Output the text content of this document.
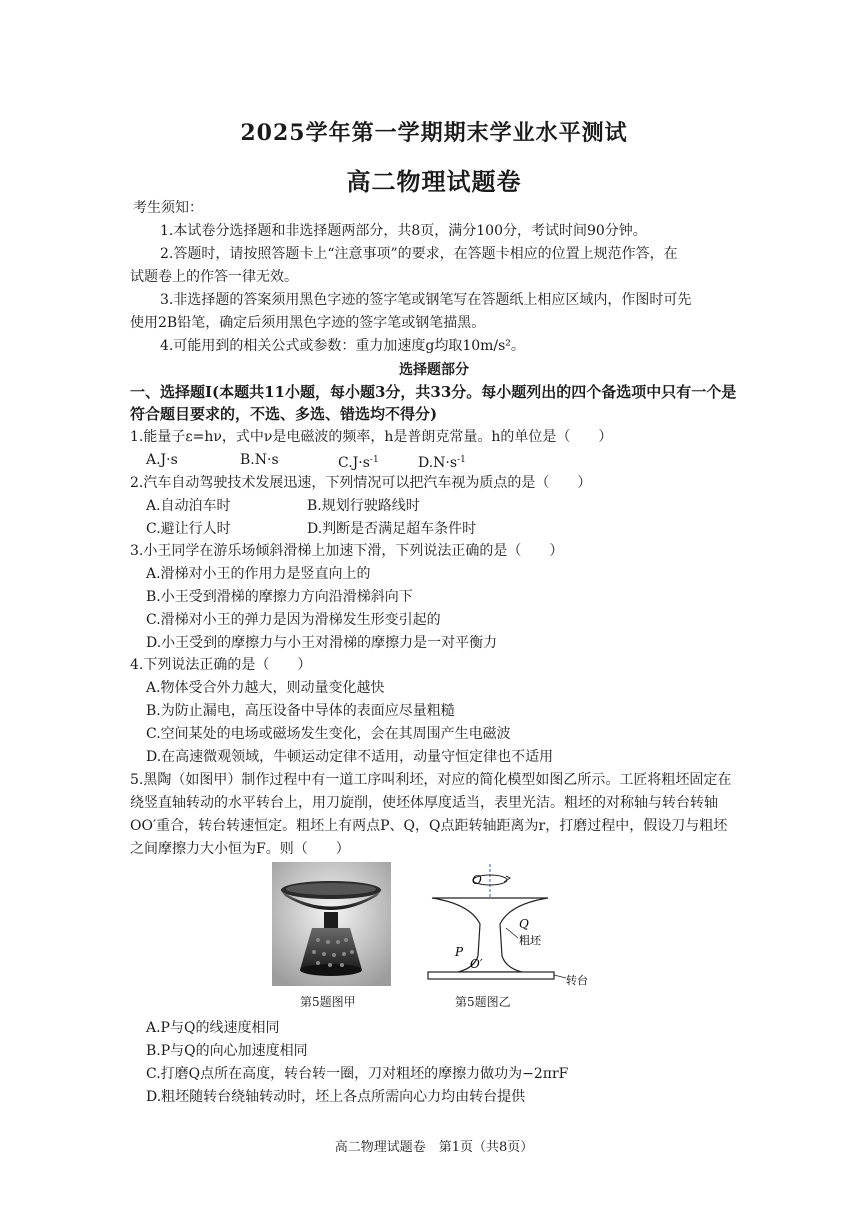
2025学年第一学期期末学业水平测试
高二物理试题卷
考生须知：
1.本试卷分选择题和非选择题两部分，共8页，满分100分，考试时间90分钟。
2.答题时，请按照答题卡上“注意事项”的要求，在答题卡相应的位置上规范作答，在
试题卷上的作答一律无效。
3.非选择题的答案须用黑色字迹的签字笔或钢笔写在答题纸上相应区域内，作图时可先
使用2B铅笔，确定后须用黑色字迹的签字笔或钢笔描黑。
4.可能用到的相关公式或参数：重力加速度g均取10m/s²。
选择题部分
一、选择题Ⅰ(本题共11小题，每小题3分，共33分。每小题列出的四个备选项中只有一个是符合题目要求的，不选、多选、错选均不得分)
1.能量子ε=hν，式中ν是电磁波的频率，h是普朗克常量。h的单位是（　　）
A.J·s	B.N·s	$C.J\cdot s^{-1}$	$D.N\cdot s^{-1}$
2.汽车自动驾驶技术发展迅速，下列情况可以把汽车视为质点的是（　　）
A.自动泊车时	B.规划行驶路线时
C.避让行人时	D.判断是否满足超车条件时
3.小王同学在游乐场倾斜滑梯上加速下滑，下列说法正确的是（　　）
A.滑梯对小王的作用力是竖直向上的
B.小王受到滑梯的摩擦力方向沿滑梯斜向下
C.滑梯对小王的弹力是因为滑梯发生形变引起的
D.小王受到的摩擦力与小王对滑梯的摩擦力是一对平衡力
4.下列说法正确的是（　　）
A.物体受合外力越大，则动量变化越快
B.为防止漏电，高压设备中导体的表面应尽量粗糙
C.空间某处的电场或磁场发生变化，会在其周围产生电磁波
D.在高速微观领域，牛顿运动定律不适用，动量守恒定律也不适用
5.黑陶（如图甲）制作过程中有一道工序叫利坯，对应的简化模型如图乙所示。工匠将粗坯固定在绕竖直轴转动的水平转台上，用刀旋削，使坯体厚度适当，表里光洁。粗坯的对称轴与转台转轴OO′重合，转台转速恒定。粗坯上有两点P、Q，Q点距转轴距离为r，打磨过程中，假设刀与粗坯之间摩擦力大小恒为F。则（　　）
O
Q
粗坯
P
O′
转台
第5题图甲	第5题图乙
A.P与Q的线速度相同
B.P与Q的向心加速度相同
C.打磨Q点所在高度，转台转一圈，刀对粗坯的摩擦力做功为−2πrF
D.粗坯随转台绕轴转动时，坯上各点所需向心力均由转台提供
高二物理试题卷　第1页（共8页）
